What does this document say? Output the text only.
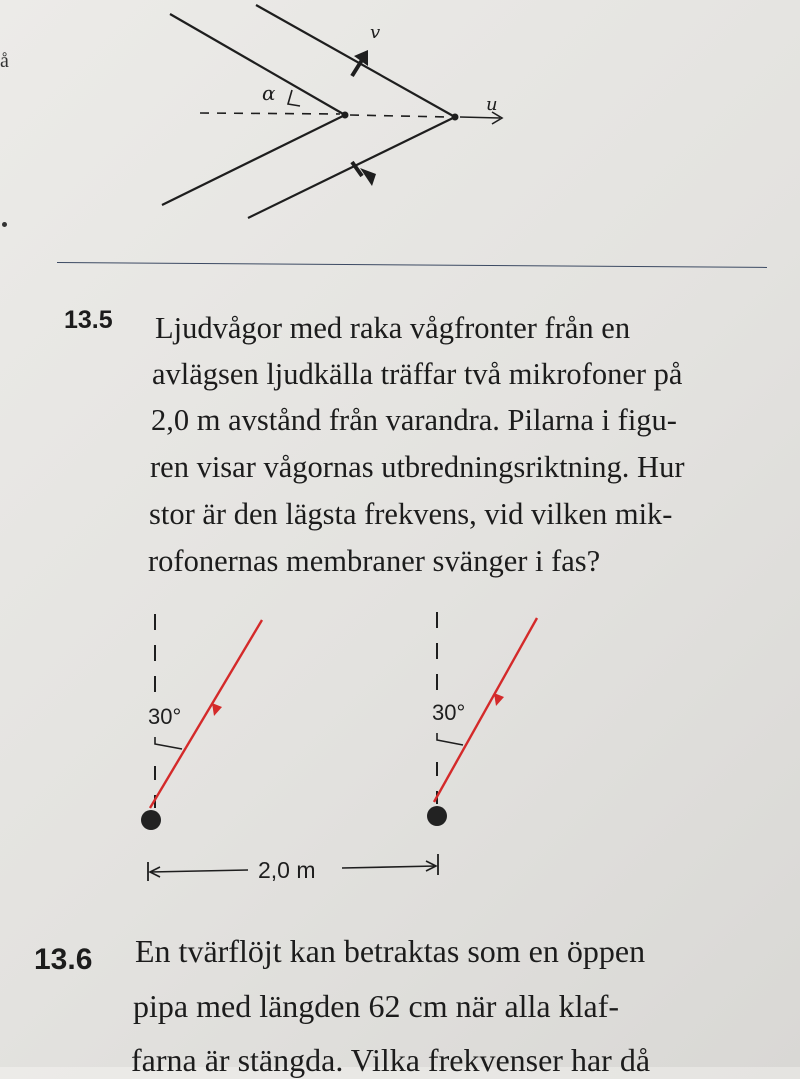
å
α
v
u
13.5 Ljudvågor med raka vågfronter från en
avlägsen ljudkälla träffar två mikrofoner på
2,0 m avstånd från varandra. Pilarna i figu-
ren visar vågornas utbredningsriktning. Hur
stor är den lägsta frekvens, vid vilken mik-
rofonernas membraner svänger i fas?
30°	30°
2,0 m
13.6 En tvärflöjt kan betraktas som en öppen
pipa med längden 62 cm när alla klaf-
farna är stängda. Vilka frekvenser har då
